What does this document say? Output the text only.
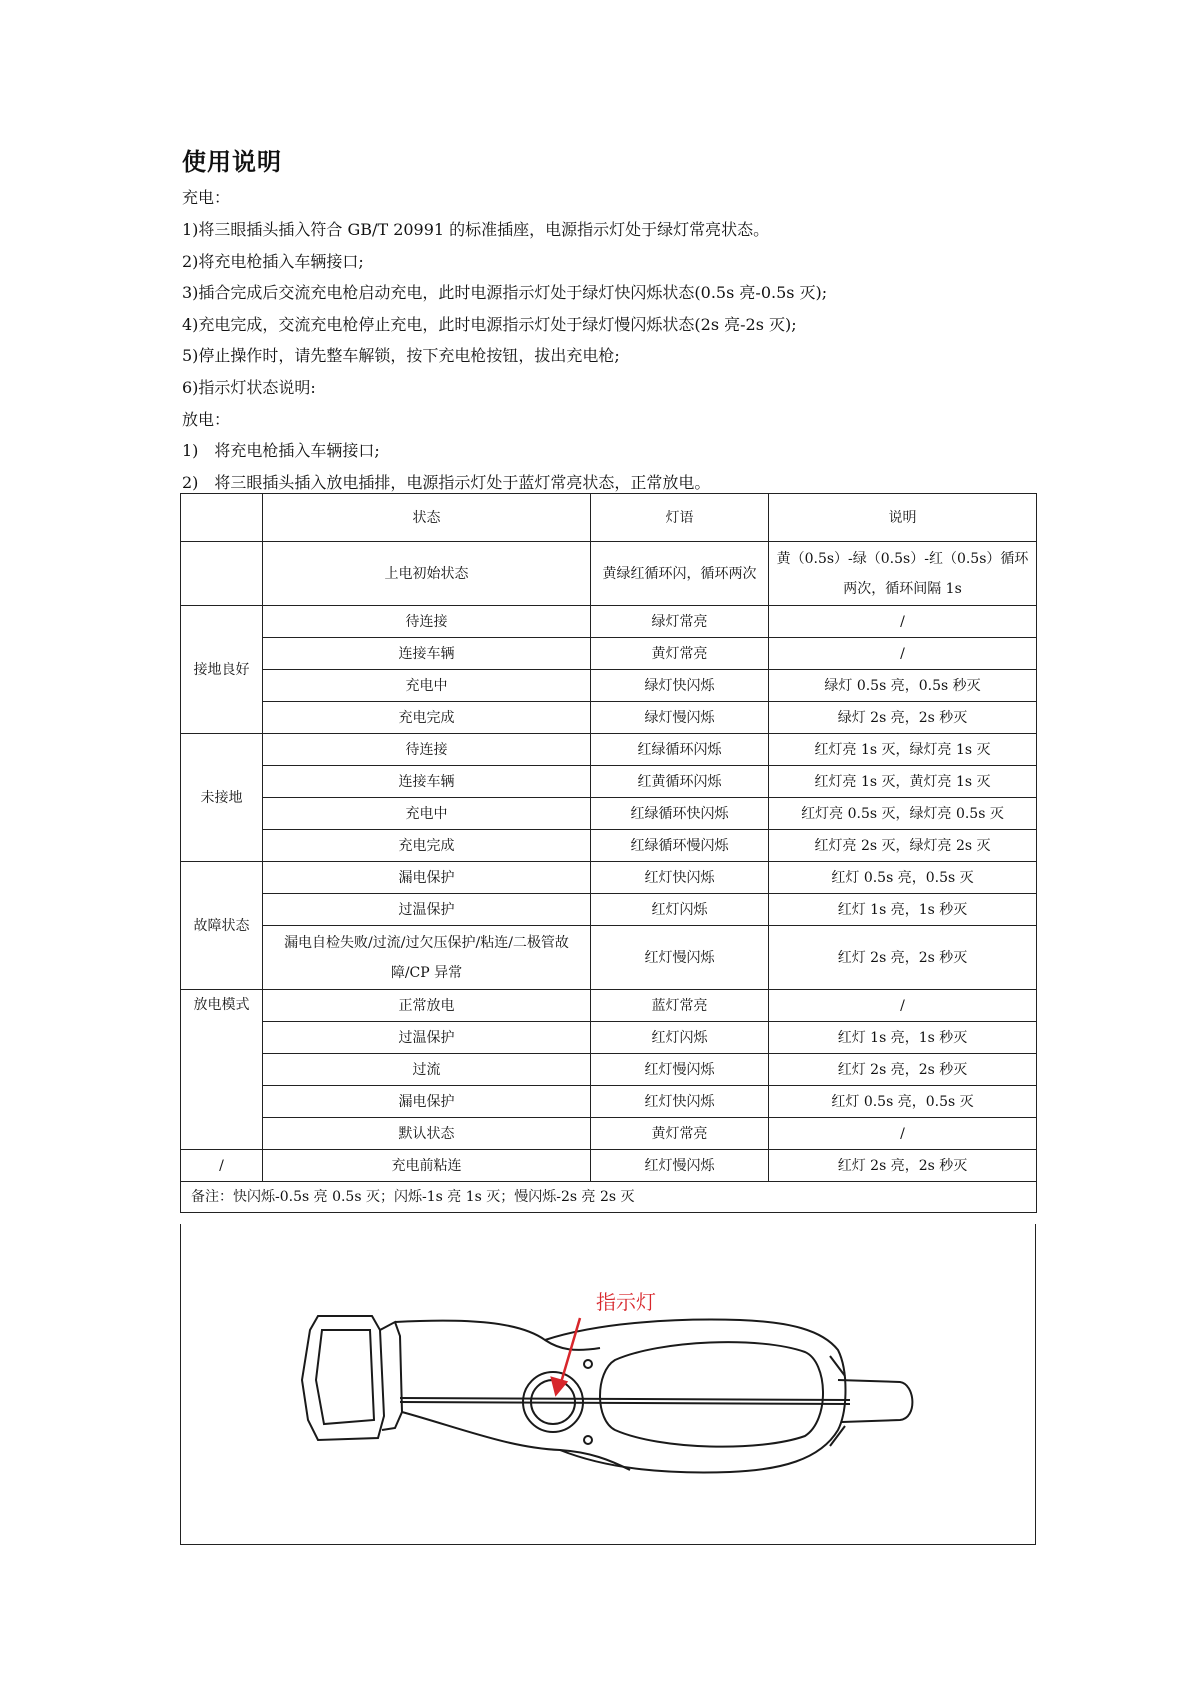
使用说明
充电：
1)将三眼插头插入符合 GB/T 20991 的标准插座，电源指示灯处于绿灯常亮状态。
2)将充电枪插入车辆接口;
3)插合完成后交流充电枪启动充电，此时电源指示灯处于绿灯快闪烁状态(0.5s 亮-0.5s 灭);
4)充电完成，交流充电枪停止充电，此时电源指示灯处于绿灯慢闪烁状态(2s 亮-2s 灭);
5)停止操作时，请先整车解锁，按下充电枪按钮，拔出充电枪;
6)指示灯状态说明:
放电：
1)　将充电枪插入车辆接口;
2)　将三眼插头插入放电插排，电源指示灯处于蓝灯常亮状态，正常放电。
	状态	灯语	说明
	上电初始状态	黄绿红循环闪，循环两次	黄（0.5s）-绿（0.5s）-红（0.5s）循环两次，循环间隔 1s
接地良好	待连接	绿灯常亮	/
	连接车辆	黄灯常亮	/
	充电中	绿灯快闪烁	绿灯 0.5s 亮，0.5s 秒灭
	充电完成	绿灯慢闪烁	绿灯 2s 亮，2s 秒灭
未接地	待连接	红绿循环闪烁	红灯亮 1s 灭，绿灯亮 1s 灭
	连接车辆	红黄循环闪烁	红灯亮 1s 灭，黄灯亮 1s 灭
	充电中	红绿循环快闪烁	红灯亮 0.5s 灭，绿灯亮 0.5s 灭
	充电完成	红绿循环慢闪烁	红灯亮 2s 灭，绿灯亮 2s 灭
故障状态	漏电保护	红灯快闪烁	红灯 0.5s 亮，0.5s 灭
	过温保护	红灯闪烁	红灯 1s 亮，1s 秒灭
	漏电自检失败/过流/过欠压保护/粘连/二极管故障/CP 异常	红灯慢闪烁	红灯 2s 亮，2s 秒灭
放电模式	正常放电	蓝灯常亮	/
	过温保护	红灯闪烁	红灯 1s 亮，1s 秒灭
	过流	红灯慢闪烁	红灯 2s 亮，2s 秒灭
	漏电保护	红灯快闪烁	红灯 0.5s 亮，0.5s 灭
	默认状态	黄灯常亮	/
/	充电前粘连	红灯慢闪烁	红灯 2s 亮，2s 秒灭
备注：快闪烁-0.5s 亮 0.5s 灭；闪烁-1s 亮 1s 灭；慢闪烁-2s 亮 2s 灭			
指示灯
